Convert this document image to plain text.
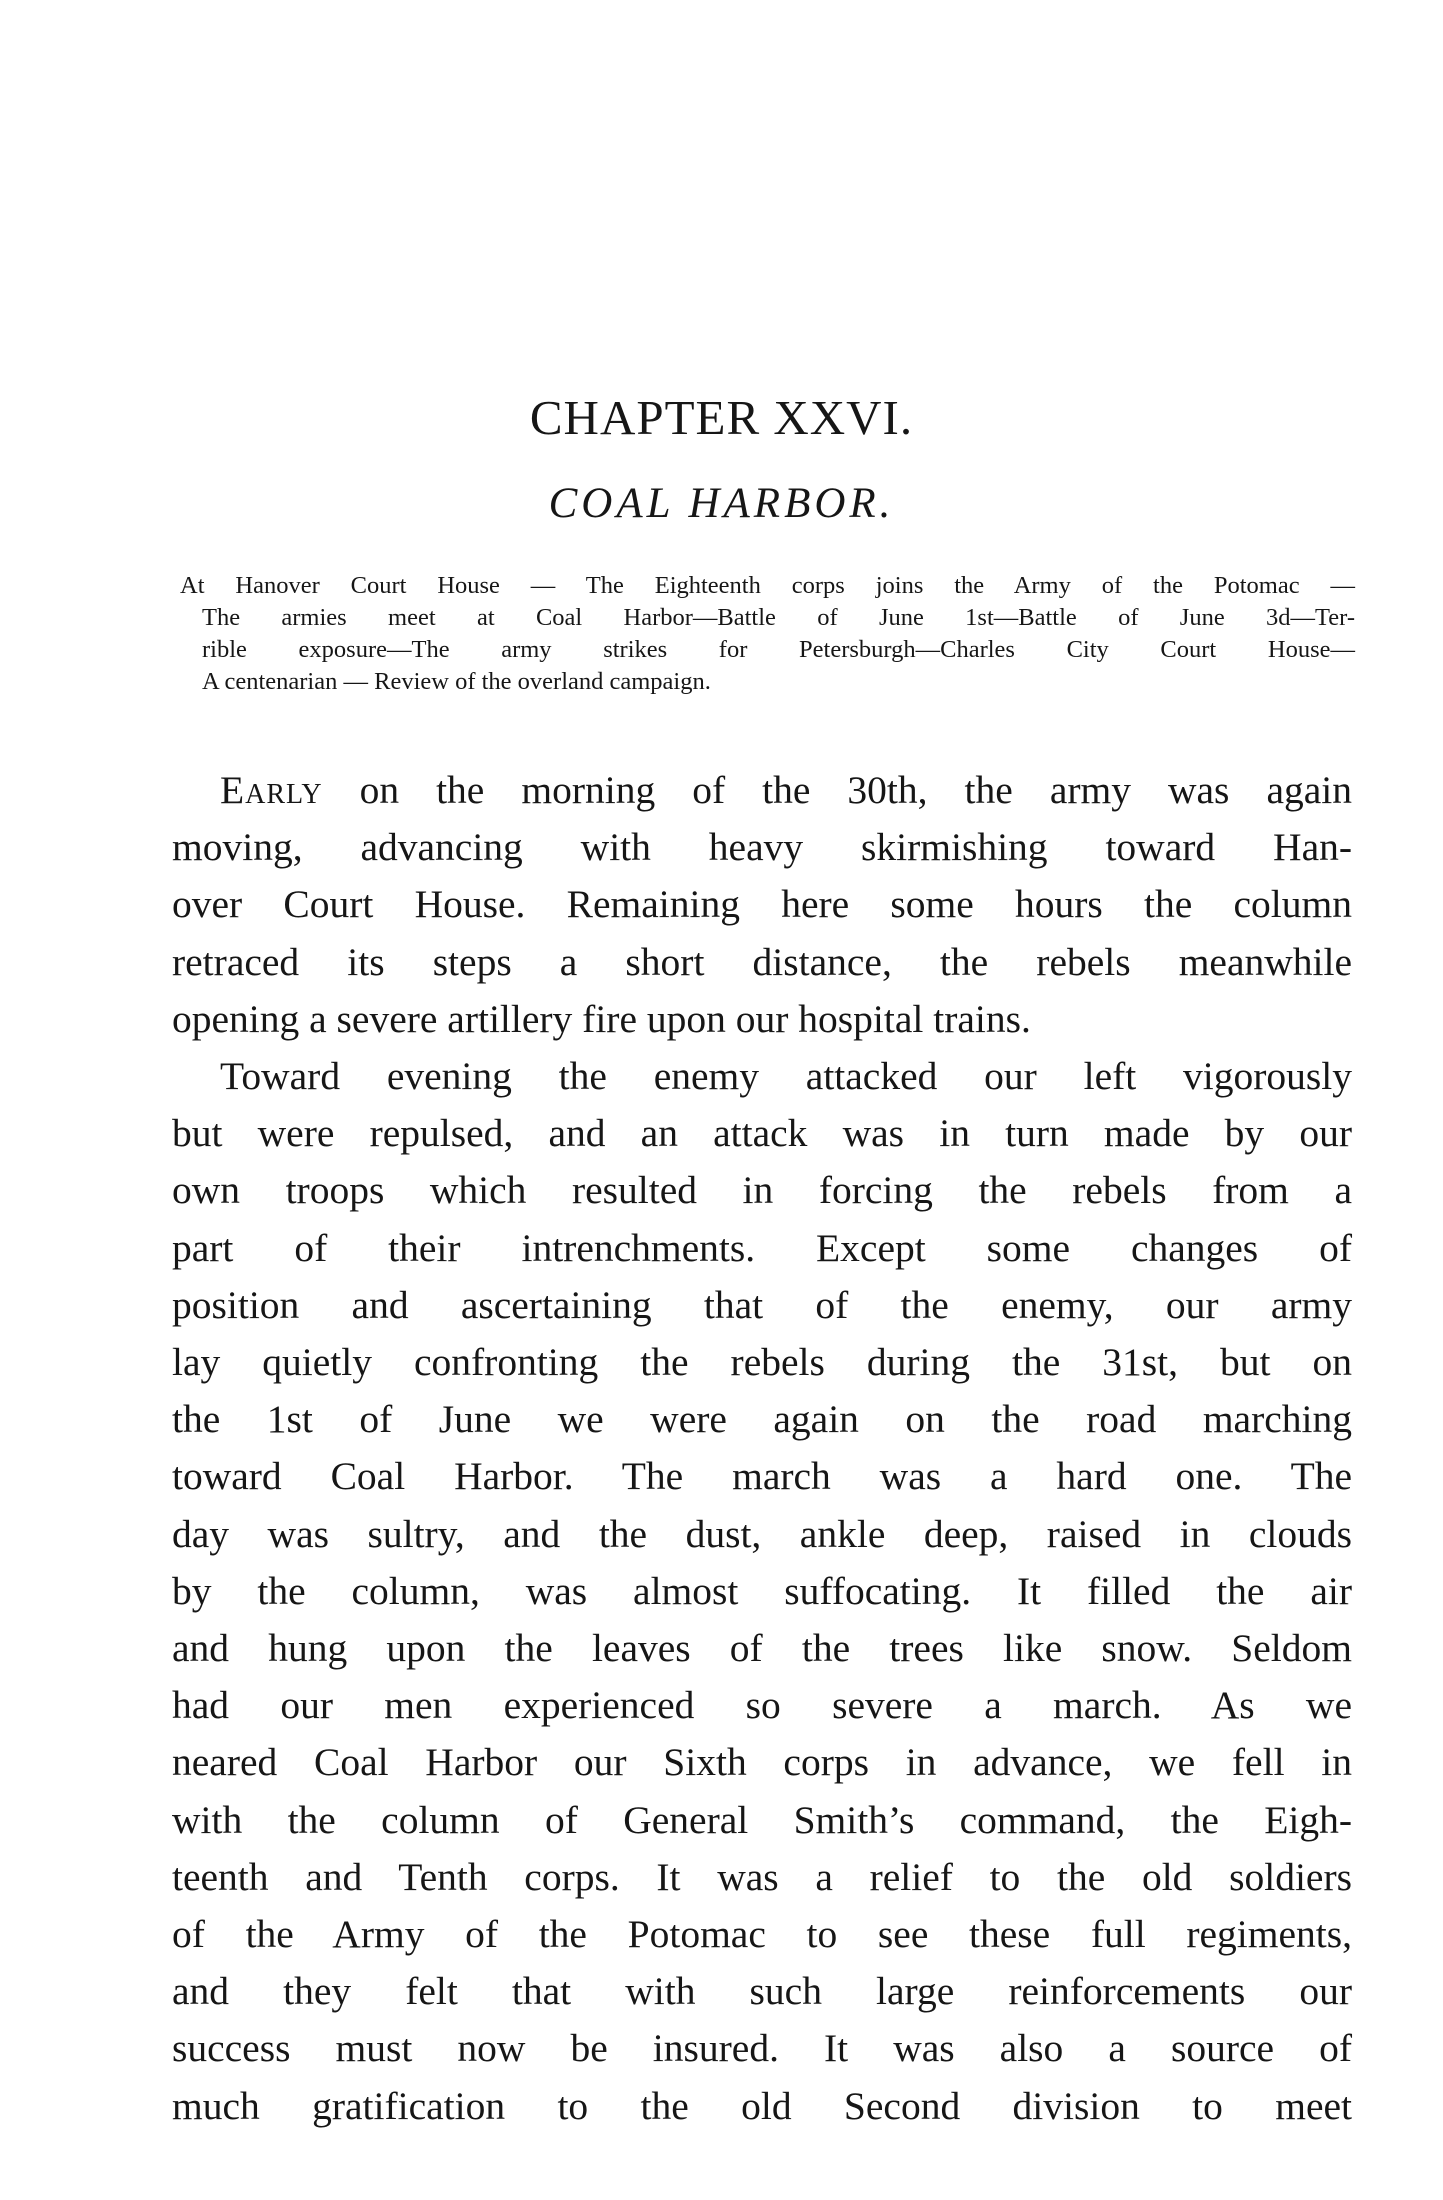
CHAPTER XXVI.
COAL HARBOR.
At Hanover Court House — The Eighteenth corps joins the Army of the Potomac —
The armies meet at Coal Harbor—Battle of June 1st—Battle of June 3d—Ter-
rible exposure—The army strikes for Petersburgh—Charles City Court House—
A centenarian — Review of the overland campaign.
Early on the morning of the 30th, the army was again
moving, advancing with heavy skirmishing toward Han-
over Court House. Remaining here some hours the column
retraced its steps a short distance, the rebels meanwhile
opening a severe artillery fire upon our hospital trains.
Toward evening the enemy attacked our left vigorously
but were repulsed, and an attack was in turn made by our
own troops which resulted in forcing the rebels from a
part of their intrenchments. Except some changes of
position and ascertaining that of the enemy, our army
lay quietly confronting the rebels during the 31st, but on
the 1st of June we were again on the road marching
toward Coal Harbor. The march was a hard one. The
day was sultry, and the dust, ankle deep, raised in clouds
by the column, was almost suffocating. It filled the air
and hung upon the leaves of the trees like snow. Seldom
had our men experienced so severe a march. As we
neared Coal Harbor our Sixth corps in advance, we fell in
with the column of General Smith’s command, the Eigh-
teenth and Tenth corps. It was a relief to the old soldiers
of the Army of the Potomac to see these full regiments,
and they felt that with such large reinforcements our
success must now be insured. It was also a source of
much gratification to the old Second division to meet
